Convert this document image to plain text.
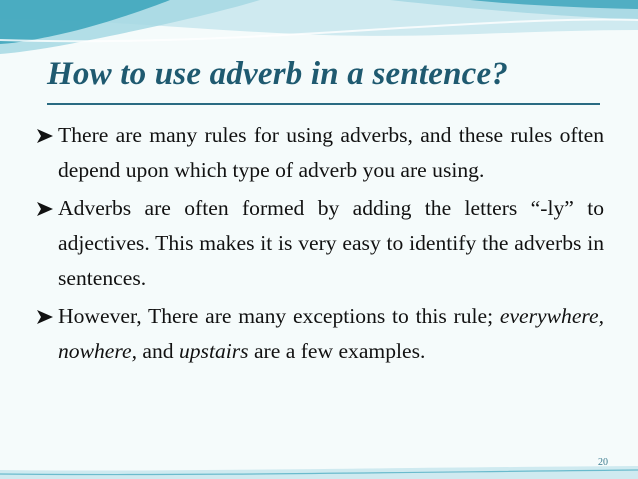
How to use adverb in a sentence?
There are many rules for using adverbs, and these rules often depend upon which type of adverb you are using.
Adverbs are often formed by adding the letters “-ly” to adjectives. This makes it is very easy to identify the adverbs in sentences.
However, There are many exceptions to this rule; everywhere, nowhere, and upstairs are a few examples.
20
